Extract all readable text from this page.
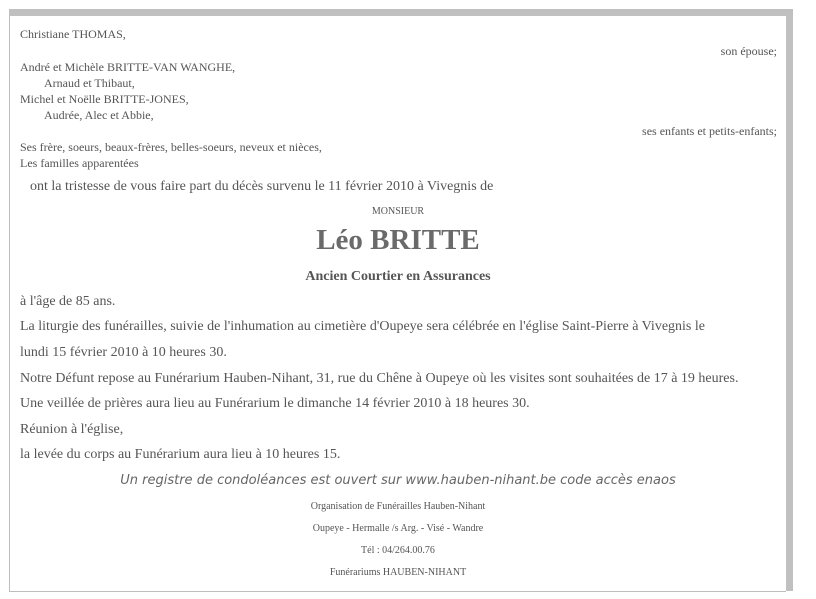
Christiane THOMAS,
son épouse;
André et Michèle BRITTE-VAN WANGHE,
Arnaud et Thibaut,
Michel et Noëlle BRITTE-JONES,
Audrée, Alec et Abbie,
ses enfants et petits-enfants;
Ses frère, soeurs, beaux-frères, belles-soeurs, neveux et nièces,
Les familles apparentées
ont la tristesse de vous faire part du décès survenu le 11 février 2010 à Vivegnis de
MONSIEUR
Léo BRITTE
Ancien Courtier en Assurances
à l'âge de 85 ans.
La liturgie des funérailles, suivie de l'inhumation au cimetière d'Oupeye sera célébrée en l'église Saint-Pierre à Vivegnis le
lundi 15 février 2010 à 10 heures 30.
Notre Défunt repose au Funérarium Hauben-Nihant, 31, rue du Chêne à Oupeye où les visites sont souhaitées de 17 à 19 heures.
Une veillée de prières aura lieu au Funérarium le dimanche 14 février 2010 à 18 heures 30.
Réunion à l'église,
la levée du corps au Funérarium aura lieu à 10 heures 15.
Un registre de condoléances est ouvert sur www.hauben-nihant.be code accès enaos
Organisation de Funérailles Hauben-Nihant
Oupeye - Hermalle /s Arg. - Visé - Wandre
Tél : 04/264.00.76
Funérariums HAUBEN-NIHANT
